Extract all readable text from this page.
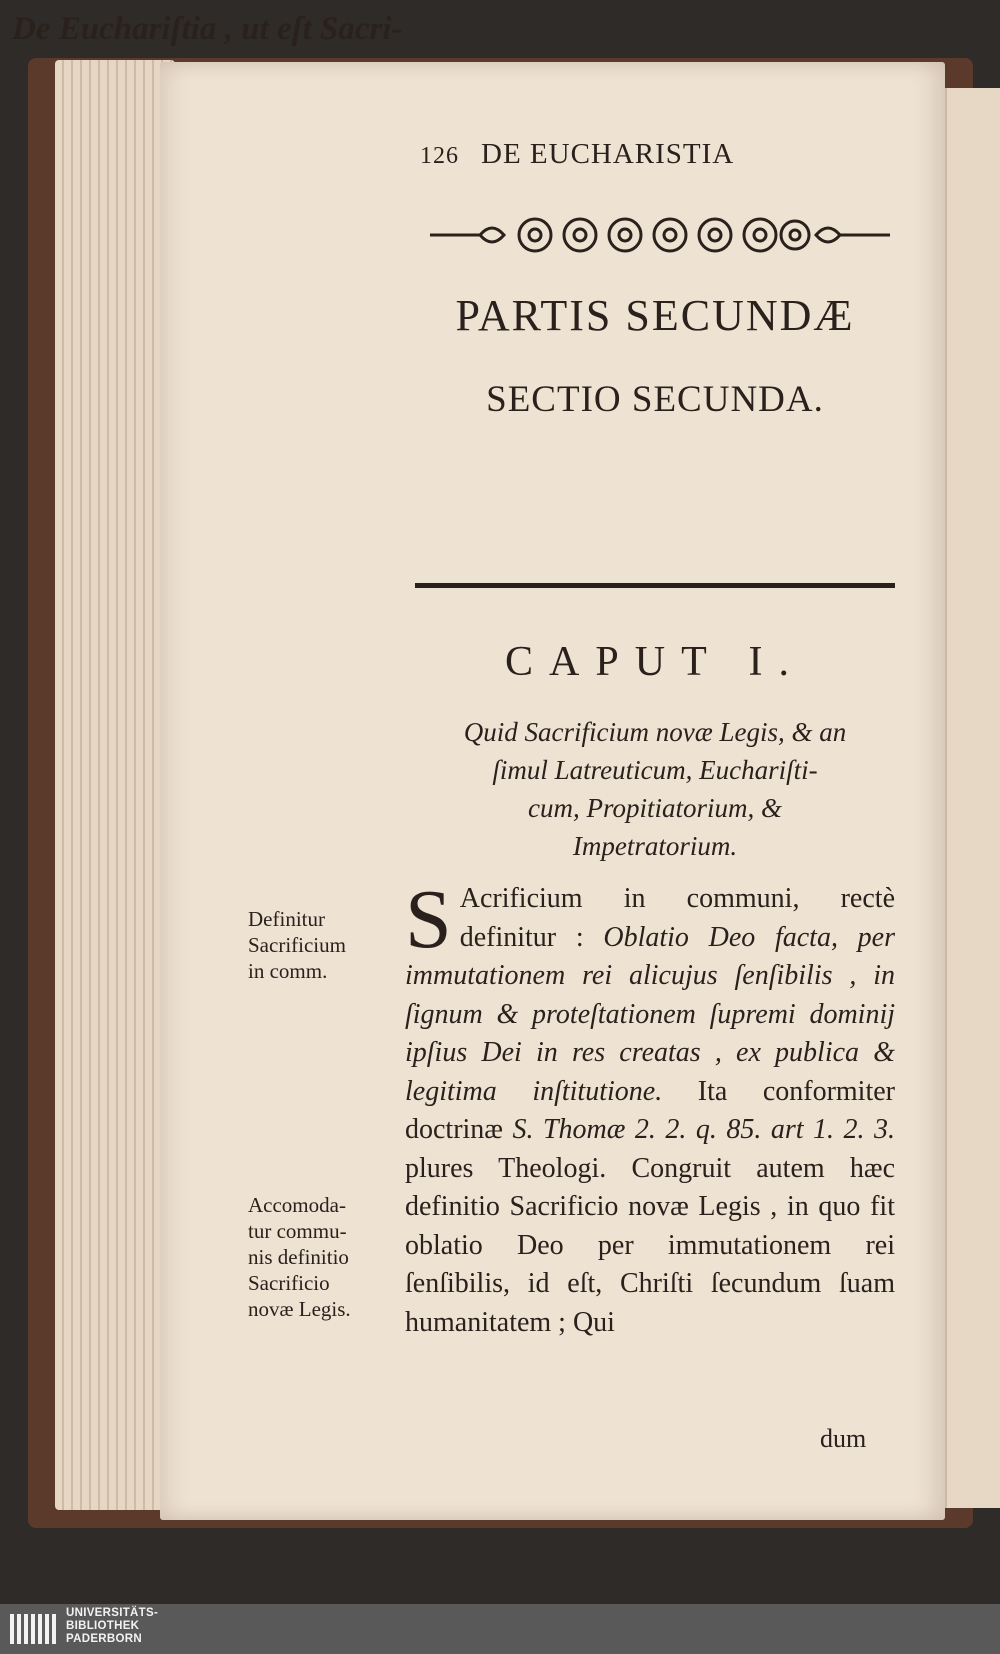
126 DE EUCHARISTIA
PARTIS SECUNDÆ
SECTIO SECUNDA.
De Euchariſtia , ut eſt Sacri-
CAPUT I.
Quid Sacrificium novæ Legis, & an
ſimul Latreuticum, Euchariſti-
cum, Propitiatorium, &
Impetratorium.
Definitur
Sacrificium
in comm.
Accomoda-
tur commu-
nis definitio
Sacrificio
novæ Legis.
S Acrificium in communi, rectè definitur : Oblatio Deo facta, per immutationem rei alicujus ſenſibilis , in ſignum & proteſtationem ſupremi dominij ipſius Dei in res creatas , ex publica & legitima inſtitutione. Ita conformiter doctrinæ S. Thomæ 2. 2. q. 85. art 1. 2. 3. plures Theologi. Congruit autem hæc definitio Sacrificio novæ Legis , in quo fit oblatio Deo per immutationem rei ſenſibilis, id eſt, Chriſti ſecundum ſuam humanitatem ; Qui
dum
UNIVERSITÄTS-
BIBLIOTHEK
PADERBORN
